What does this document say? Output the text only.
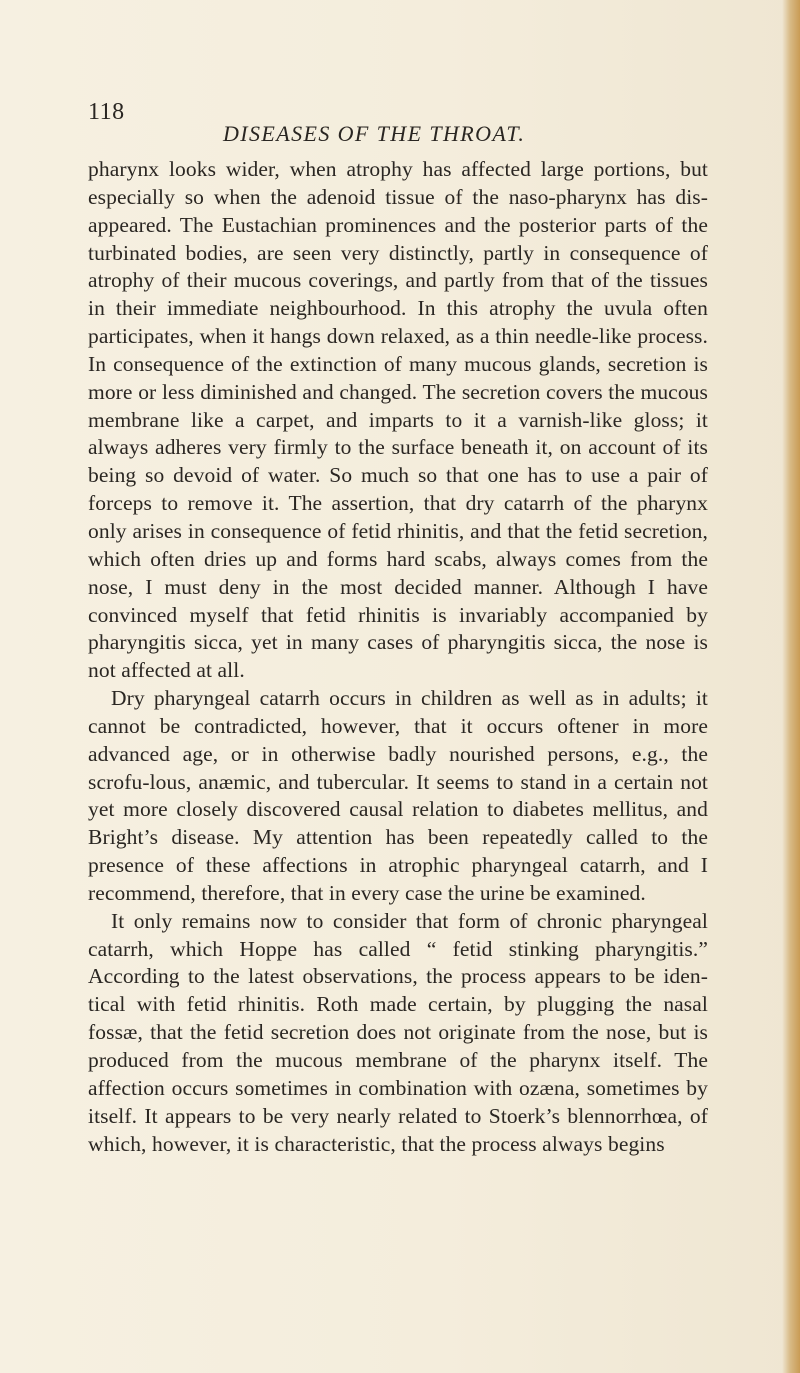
118
DISEASES OF THE THROAT.

pharynx looks wider, when atrophy has affected large portions, but especially so when the adenoid tissue of the naso-pharynx has dis-appeared. The Eustachian prominences and the posterior parts of the turbinated bodies, are seen very distinctly, partly in consequence of atrophy of their mucous coverings, and partly from that of the tissues in their immediate neighbourhood. In this atrophy the uvula often participates, when it hangs down relaxed, as a thin needle-like process. In consequence of the extinction of many mucous glands, secretion is more or less diminished and changed. The secretion covers the mucous membrane like a carpet, and imparts to it a varnish-like gloss; it always adheres very firmly to the surface beneath it, on account of its being so devoid of water. So much so that one has to use a pair of forceps to remove it. The assertion, that dry catarrh of the pharynx only arises in consequence of fetid rhinitis, and that the fetid secretion, which often dries up and forms hard scabs, always comes from the nose, I must deny in the most decided manner. Although I have convinced myself that fetid rhinitis is invariably accompanied by pharyngitis sicca, yet in many cases of pharyngitis sicca, the nose is not affected at all.

Dry pharyngeal catarrh occurs in children as well as in adults; it cannot be contradicted, however, that it occurs oftener in more advanced age, or in otherwise badly nourished persons, e.g., the scrofu-lous, anæmic, and tubercular. It seems to stand in a certain not yet more closely discovered causal relation to diabetes mellitus, and Bright’s disease. My attention has been repeatedly called to the presence of these affections in atrophic pharyngeal catarrh, and I recommend, therefore, that in every case the urine be examined.

It only remains now to consider that form of chronic pharyngeal catarrh, which Hoppe has called “ fetid stinking pharyngitis.” According to the latest observations, the process appears to be iden-tical with fetid rhinitis. Roth made certain, by plugging the nasal fossæ, that the fetid secretion does not originate from the nose, but is produced from the mucous membrane of the pharynx itself. The affection occurs sometimes in combination with ozæna, sometimes by itself. It appears to be very nearly related to Stoerk’s blennorrhœa, of which, however, it is characteristic, that the process always begins
